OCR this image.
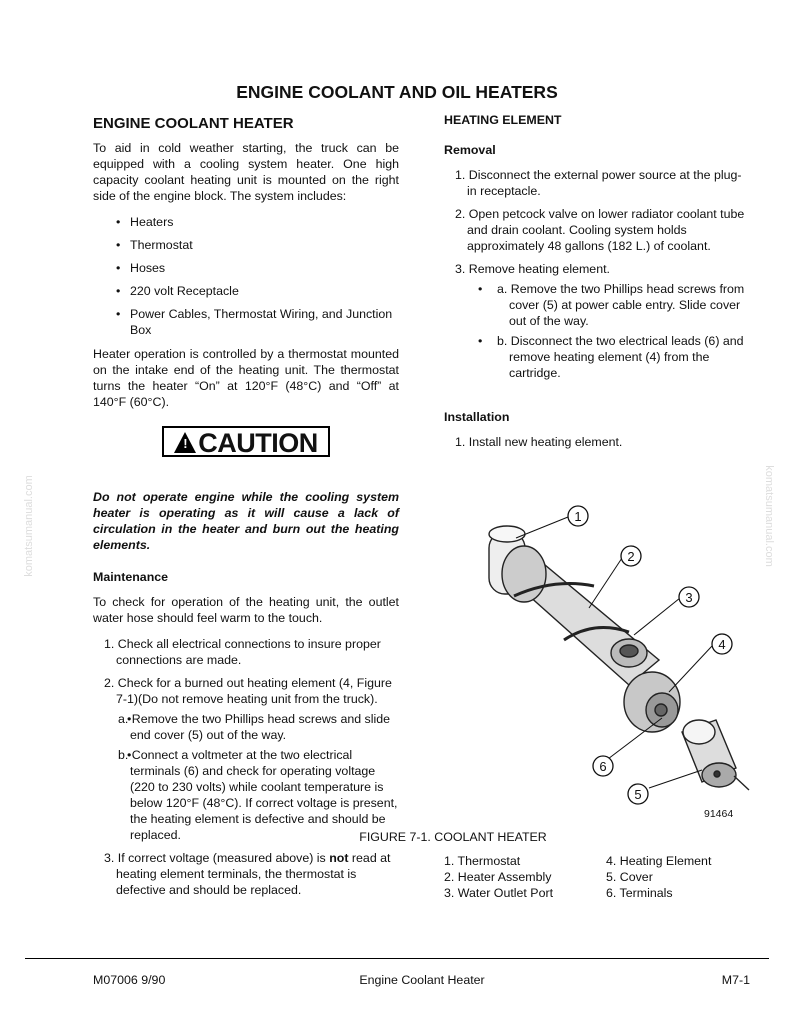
ENGINE COOLANT AND OIL HEATERS
komatsumanual.com	komatsumanual.com
ENGINE COOLANT HEATER

To aid in cold weather starting, the truck can be equipped with a cooling system heater. One high capacity coolant heating unit is mounted on the right side of the engine block. The system includes:

• Heaters
• Thermostat
• Hoses
• 220 volt Receptacle
• Power Cables, Thermostat Wiring, and Junction Box

Heater operation is controlled by a thermostat mounted on the intake end of the heating unit. The thermostat turns the heater “On” at 120°F (48°C) and “Off” at 140°F (60°C).

! CAUTION

Do not operate engine while the cooling system heater is operating as it will cause a lack of circulation in the heater and burn out the heating elements.

Maintenance

To check for operation of the heating unit, the outlet water hose should feel warm to the touch.

1. Check all electrical connections to insure proper connections are made.
2. Check for a burned out heating element (4, Figure 7-1)(Do not remove heating unit from the truck).
• a. Remove the two Phillips head screws and slide end cover (5) out of the way.
• b. Connect a voltmeter at the two electrical terminals (6) and check for operating voltage (220 to 230 volts) while coolant temperature is below 120°F (48°C). If correct voltage is present, the heating element is defective and should be replaced.
3. If correct voltage (measured above) is not read at heating element terminals, the thermostat is defective and should be replaced.
HEATING ELEMENT
Removal
1. Disconnect the external power source at the plug-in receptacle.
2. Open petcock valve on lower radiator coolant tube and drain coolant. Cooling system holds approximately 48 gallons (182 L.) of coolant.
3. Remove heating element.
• a. Remove the two Phillips head screws from cover (5) at power cable entry. Slide cover out of the way.
• b. Disconnect the two electrical leads (6) and remove heating element (4) from the cartridge.
Installation
1. Install new heating element.
1
2
3
4
5
6
91464
FIGURE 7-1. COOLANT HEATER
1. Thermostat	4. Heating Element
2. Heater Assembly	5. Cover
3. Water Outlet Port	6. Terminals
M07006 9/90	Engine Coolant Heater	M7-1
